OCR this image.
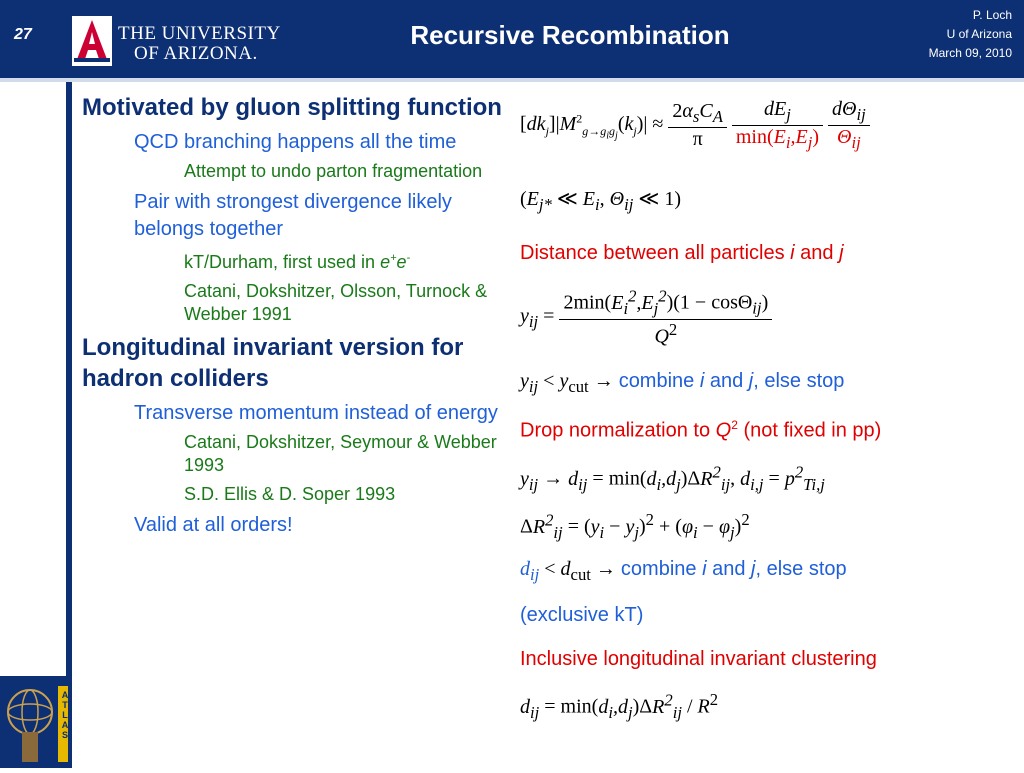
27	THE UNIVERSITY
OF ARIZONA.
Recursive Recombination
P. Loch
U of Arizona
March 09, 2010
ATLAS
Motivated by gluon splitting function
QCD branching happens all the time
Attempt to undo parton fragmentation
Pair with strongest divergence likely belongs together
kT/Durham, first used in e+e-
Catani, Dokshitzer, Olsson, Turnock & Webber 1991
Longitudinal invariant version for hadron colliders
Transverse momentum instead of energy
Catani, Dokshitzer, Seymour & Webber 1993
S.D. Ellis & D. Soper 1993
Valid at all orders!
$[dk_j]|M^2_{g\to g_ig_j}(k_j)| \approx \frac{2\alpha_sC_A}{\pi}$
$\frac{dE_j}{\min(E_i,E_j)}$
$\frac{d\Theta_{ij}}{\Theta_{ij}}$
($E_{j*}$ ≪ $E_i$, $\Theta_{ij}$ ≪ 1)
Distance between all particles i and j
$y_{ij} = \frac{2\min(E_i^2,E_j^2)(1 - \cos\Theta_{ij})}{Q^2}$
$y_{ij} < y_{cut}$ → combine i and j, else stop
Drop normalization to $Q^2$ (not fixed in pp)
$y_{ij} \to d_{ij} = \min(d_i,d_j)\Delta R^2_{ij}$, $d_{i,j} = p^2_{Ti,j}$
$\Delta R^2_{ij} = (y_i - y_j)^2 + (\varphi_i - \varphi_j)^2$
$d_{ij} < d_{cut}$ → combine i and j, else stop
(exclusive kT)
Inclusive longitudinal invariant clustering
$d_{ij} = \min(d_i,d_j)\Delta R^2_{ij} / R^2$
